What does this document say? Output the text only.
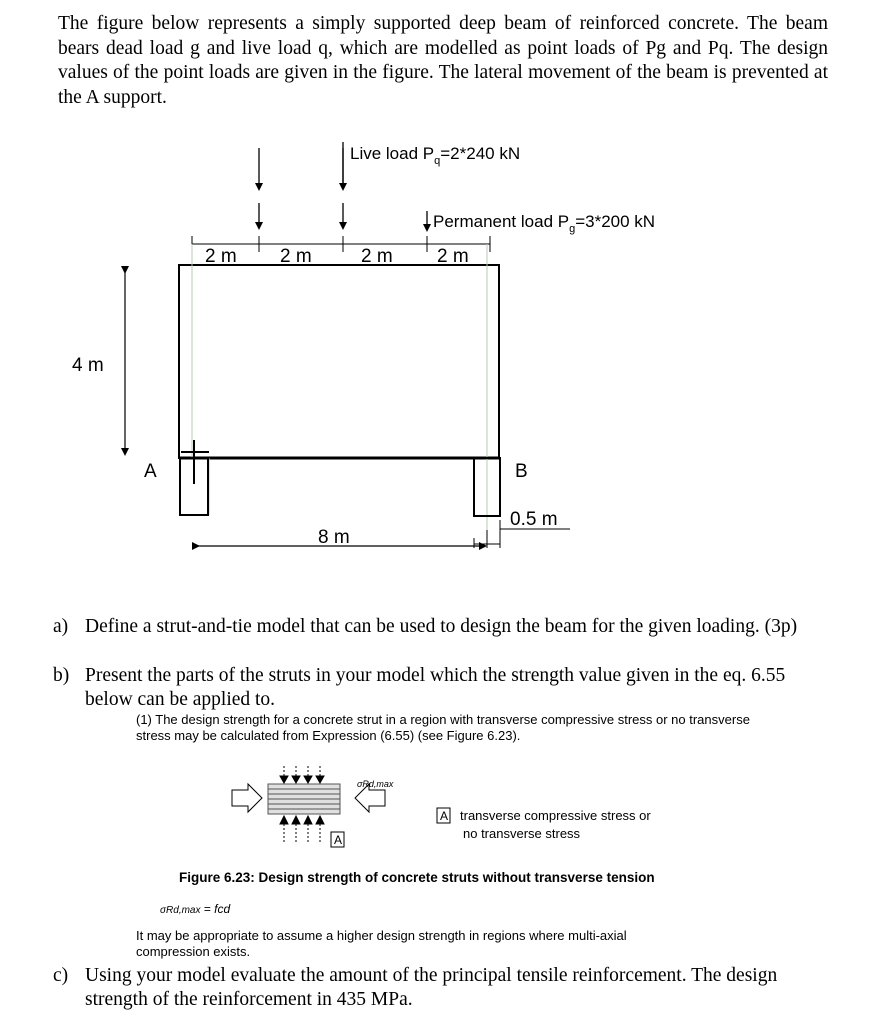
The figure below represents a simply supported deep beam of reinforced concrete. The beam bears dead load g and live load q, which are modelled as point loads of Pg and Pq. The design values of the point loads are given in the figure. The lateral movement of the beam is prevented at the A support.

Live load $P_q=2*240$ kN
Permanent load $P_g=3*200$ kN
2 m 2 m	2 m 2 m
4 m
A	B
0.5 m
8 m
a) Define a strut-and-tie model that can be used to design the beam for the given loading. (3p)
b) Present the parts of the struts in your model which the strength value given in the eq. 6.55 below can be applied to.
(1) The design strength for a concrete strut in a region with transverse compressive stress or no transverse stress may be calculated from Expression (6.55) (see Figure 6.23).
σRd,max
A
A transverse compressive stress or
no transverse stress
Figure 6.23: Design strength of concrete struts without transverse tension
σRd,max = fcd
It may be appropriate to assume a higher design strength in regions where multi-axial compression exists.
c) Using your model evaluate the amount of the principal tensile reinforcement. The design strength of the reinforcement in 435 MPa.
